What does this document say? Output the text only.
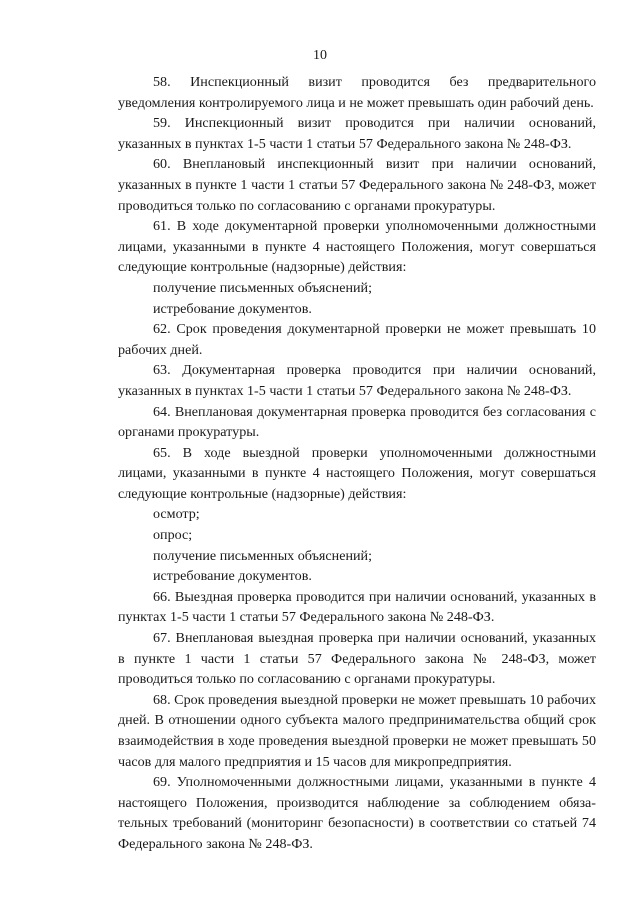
10

58. Инспекционный визит проводится без предварительного уведомления контролируемого лица и не может превышать один рабочий день.

59. Инспекционный визит проводится при наличии оснований, указанных в пунктах 1-5 части 1 статьи 57 Федерального закона № 248-ФЗ.

60. Внеплановый инспекционный визит при наличии оснований, указанных в пункте 1 части 1 статьи 57 Федерального закона № 248-ФЗ, может проводиться только по согласованию с органами прокуратуры.

61. В ходе документарной проверки уполномоченными должностными лицами, указанными в пункте 4 настоящего Положения, могут совершаться следующие контрольные (надзорные) действия:

получение письменных объяснений;

истребование документов.

62. Срок проведения документарной проверки не может превышать 10 рабочих дней.

63. Документарная проверка проводится при наличии оснований, указанных в пунктах 1-5 части 1 статьи 57 Федерального закона № 248-ФЗ.

64. Внеплановая документарная проверка проводится без согласования с органами прокуратуры.

65. В ходе выездной проверки уполномоченными должностными лицами, указанными в пункте 4 настоящего Положения, могут совершаться следующие контрольные (надзорные) действия:

осмотр;

опрос;

получение письменных объяснений;

истребование документов.

66. Выездная проверка проводится при наличии оснований, указанных в пунктах 1-5 части 1 статьи 57 Федерального закона № 248-ФЗ.

67. Внеплановая выездная проверка при наличии оснований, указанных в пункте 1 части 1 статьи 57 Федерального закона № 248-ФЗ, может проводиться только по согласованию с органами прокуратуры.

68. Срок проведения выездной проверки не может превышать 10 рабочих дней. В отношении одного субъекта малого предпринимательства общий срок взаимодействия в ходе проведения выездной проверки не может превышать 50 часов для малого предприятия и 15 часов для микропредприятия.

69. Уполномоченными должностными лицами, указанными в пункте 4 настоящего Положения, производится наблюдение за соблюдением обязательных требований (мониторинг безопасности) в соответствии со статьей 74 Федерального закона № 248-ФЗ.
